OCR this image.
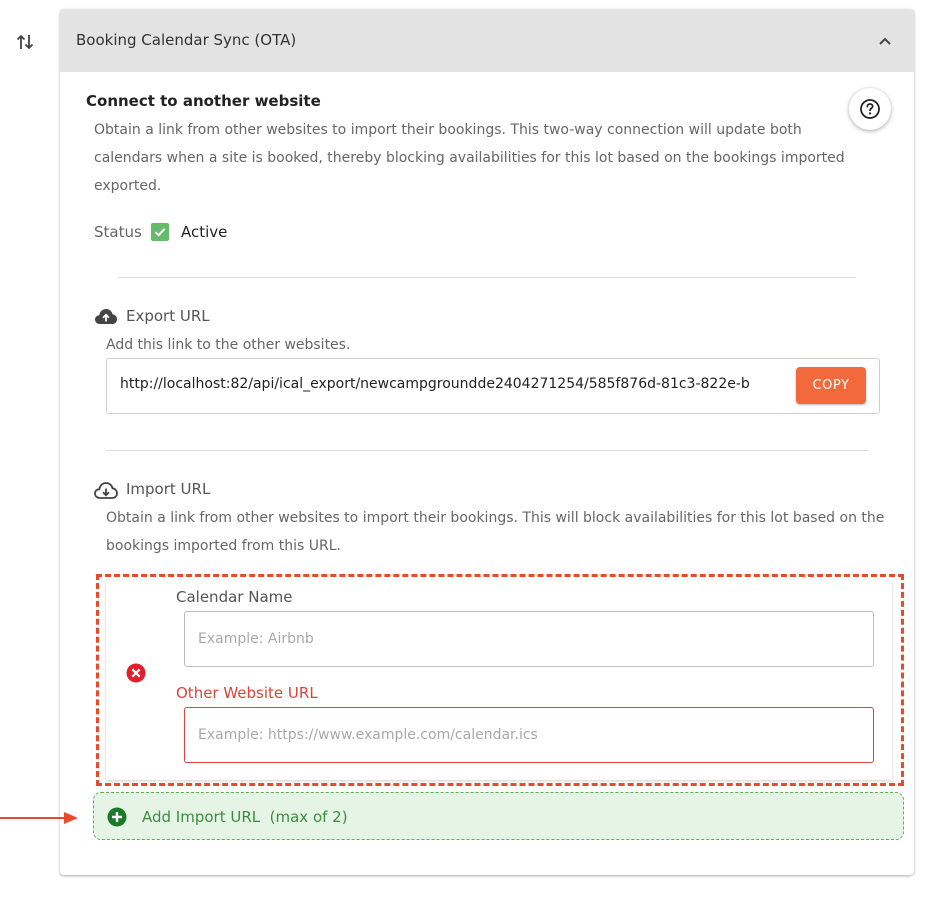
Booking Calendar Sync (OTA)
Connect to another website
Obtain a link from other websites to import their bookings. This two-way connection will update both calendars when a site is booked, thereby blocking availabilities for this lot based on the bookings imported exported.
Status	Active
Export URL
Add this link to the other websites.
http://localhost:82/api/ical_export/newcampgroundde2404271254/585f876d-81c3-822e-b	COPY
Import URL
Obtain a link from other websites to import their bookings. This will block availabilities for this lot based on the bookings imported from this URL.
Calendar Name
Example: Airbnb
Other Website URL
Example: https://www.example.com/calendar.ics
Add Import URL  (max of 2)
